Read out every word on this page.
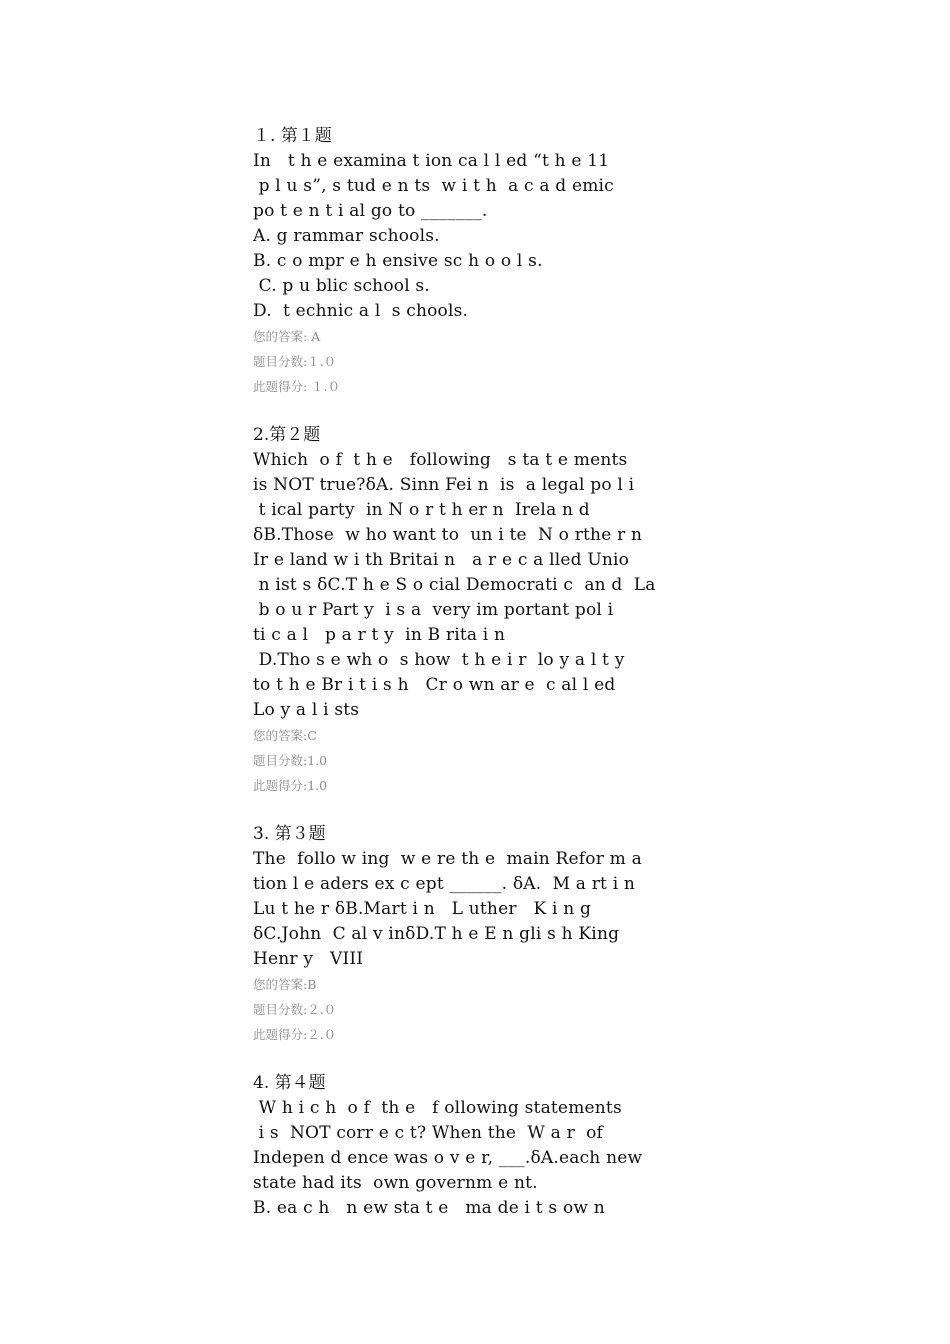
１. 第１题
In   t h e examina t ion ca l l ed “t h e 11
p l u s”, s tud e n ts  w i t h  a c a d emic
po t e n t i al go to _______.
A. g rammar schools.
B. c o mpr e h ensive sc h o o l s.
C. p u blic school s.
D.  t echnic a l  s chools.
您的答案: A
题目分数:１.０
此题得分: １.０
2.第２题
Which  o f  t h e   following   s ta t e ments
is NOT true?ẟA. Sinn Fei n  is  a legal po l i
t ical party  in N o r t h er n  Irela n d
ẟB.Those  w ho want to  un i te  N o rthe r n
Ir e land w i th Britai n   a r e c a lled Unio
n ist s ẟC.T h e S o cial Democrati c  an d  La
b o u r Part y  i s a  very im portant pol i
ti c a l   p a r t y  in B rita i n
D.Tho s e wh o  s how  t h e i r  lo y a l t y
to t h e Br i t i s h   Cr o wn ar e  c al l ed
Lo y a l i sts
您的答案:C
题目分数:1.0
此题得分:1.0
3. 第３题
The  follo w ing  w e re th e  main Refor m a
tion l e aders ex c ept ______. ẟA.  M a rt i n
Lu t he r ẟB.Mart i n   L uther   K i n g
ẟC.John  C al v inẟD.T h e E n gli s h King
Henr y   VIII
您的答案:B
题目分数:２.０
此题得分:２.０
4. 第４题
W h i c h  o f  th e   f ollowing statements
i s  NOT corr e c t? When the  W a r  of
Indepen d ence was o v e r, ___.ẟA.each new
state had its  own governm e nt.
B. ea c h   n ew sta t e   ma de i t s ow n
